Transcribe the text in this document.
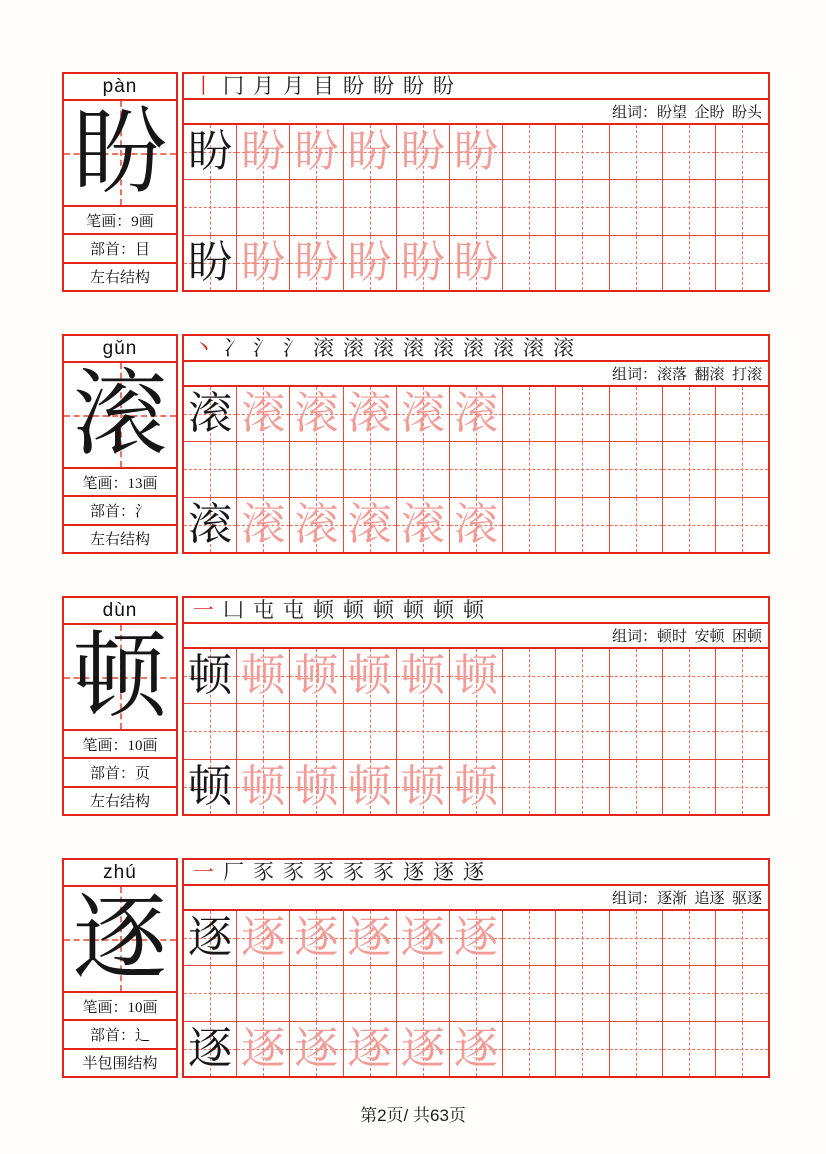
pàn
盼
笔画：9画
部首：目
左右结构
丨 冂 月 月 目 盼 盼 盼 盼
组词：盼望  企盼  盼头
盼 盼 盼 盼 盼 盼
盼 盼 盼 盼 盼 盼
gǔn
滚
笔画：13画
部首：氵
左右结构
丶 冫 氵 氵 滚 滚 滚 滚 滚 滚 滚 滚 滚
组词：滚落  翻滚  打滚
滚 滚 滚 滚 滚 滚
滚 滚 滚 滚 滚 滚
dùn
顿
笔画：10画
部首：页
左右结构
一 凵 屯 屯 顿 顿 顿 顿 顿 顿
组词：顿时  安顿  困顿
顿 顿 顿 顿 顿 顿
顿 顿 顿 顿 顿 顿
zhú
逐
笔画：10画
部首：辶
半包围结构
一 厂 豕 豕 豕 豕 豕 逐 逐 逐
组词：逐渐  追逐  驱逐
逐 逐 逐 逐 逐 逐
逐 逐 逐 逐 逐 逐
第2页/ 共63页
